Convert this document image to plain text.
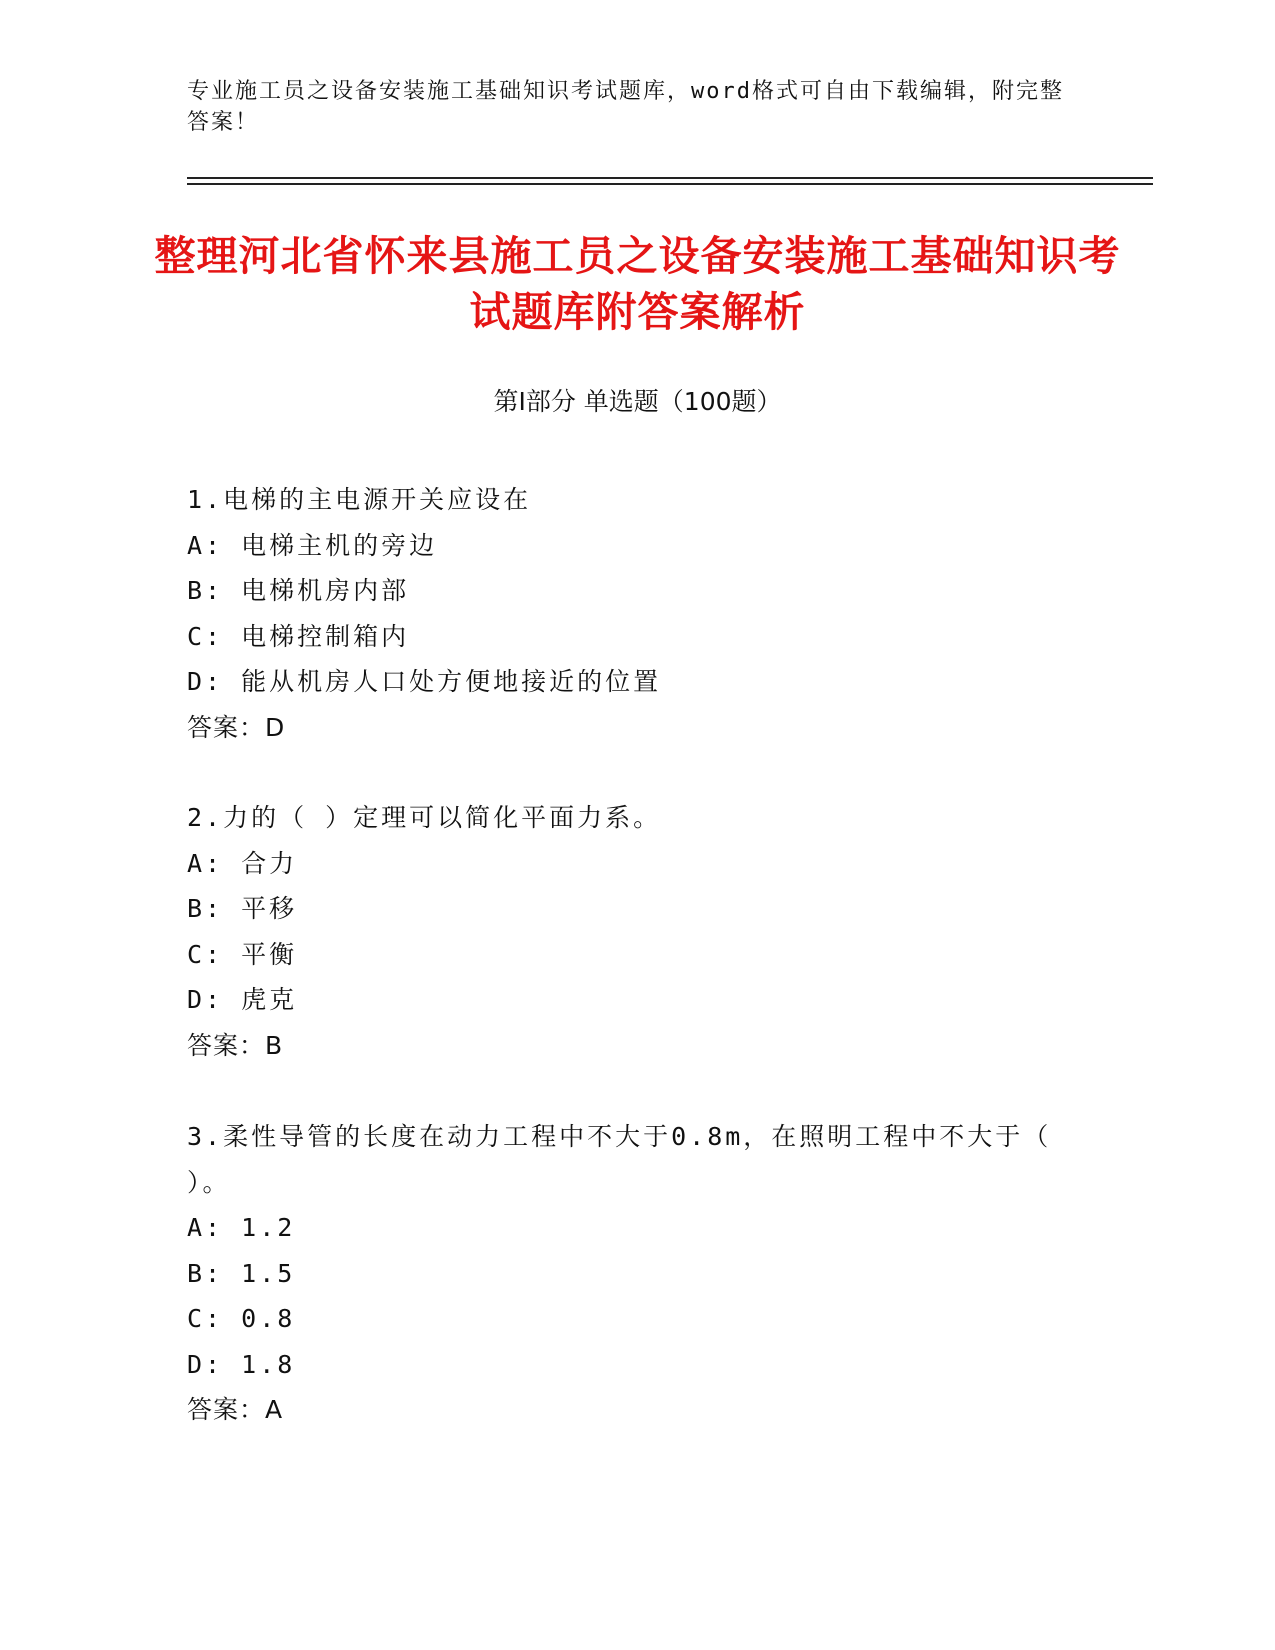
专业施工员之设备安装施工基础知识考试题库，word格式可自由下载编辑，附完整答案！
整理河北省怀来县施工员之设备安装施工基础知识考试题库附答案解析
第Ⅰ部分 单选题（100题）
1.电梯的主电源开关应设在
A: 电梯主机的旁边
B: 电梯机房内部
C: 电梯控制箱内
D: 能从机房人口处方便地接近的位置
答案：D
2.力的（ ）定理可以简化平面力系。
A: 合力
B: 平移
C: 平衡
D: 虎克
答案：B
3.柔性导管的长度在动力工程中不大于0.8m，在照明工程中不大于（ ）。
A: 1.2
B: 1.5
C: 0.8
D: 1.8
答案：A
